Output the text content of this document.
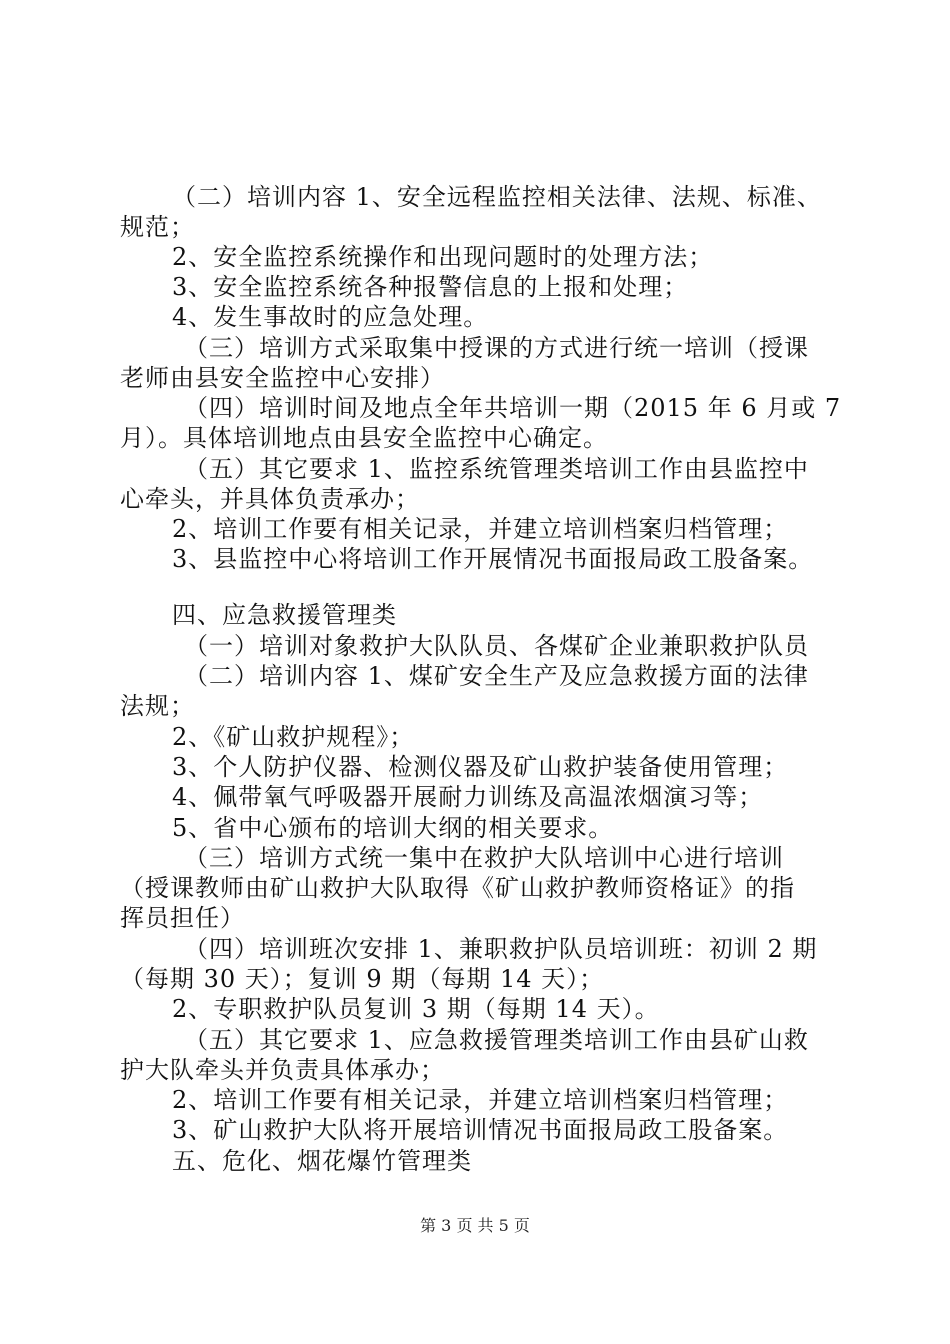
（二）培训内容 1、安全远程监控相关法律、法规、标准、
规范；
2、安全监控系统操作和出现问题时的处理方法；
3、安全监控系统各种报警信息的上报和处理；
4、发生事故时的应急处理。
（三）培训方式采取集中授课的方式进行统一培训（授课
老师由县安全监控中心安排）
（四）培训时间及地点全年共培训一期（2015 年 6 月或 7
月）。具体培训地点由县安全监控中心确定。
（五）其它要求 1、监控系统管理类培训工作由县监控中
心牵头，并具体负责承办；
2、培训工作要有相关记录，并建立培训档案归档管理；
3、县监控中心将培训工作开展情况书面报局政工股备案。
四、应急救援管理类
（一）培训对象救护大队队员、各煤矿企业兼职救护队员
（二）培训内容 1、煤矿安全生产及应急救援方面的法律
法规；
2、《矿山救护规程》；
3、个人防护仪器、检测仪器及矿山救护装备使用管理；
4、佩带氧气呼吸器开展耐力训练及高温浓烟演习等；
5、省中心颁布的培训大纲的相关要求。
（三）培训方式统一集中在救护大队培训中心进行培训
（授课教师由矿山救护大队取得《矿山救护教师资格证》的指
挥员担任）
（四）培训班次安排 1、兼职救护队员培训班：初训 2 期
（每期 30 天）；复训 9 期（每期 14 天）；
2、专职救护队员复训 3 期（每期 14 天）。
（五）其它要求 1、应急救援管理类培训工作由县矿山救
护大队牵头并负责具体承办；
2、培训工作要有相关记录，并建立培训档案归档管理；
3、矿山救护大队将开展培训情况书面报局政工股备案。
五、危化、烟花爆竹管理类
第 3 页 共 5 页
